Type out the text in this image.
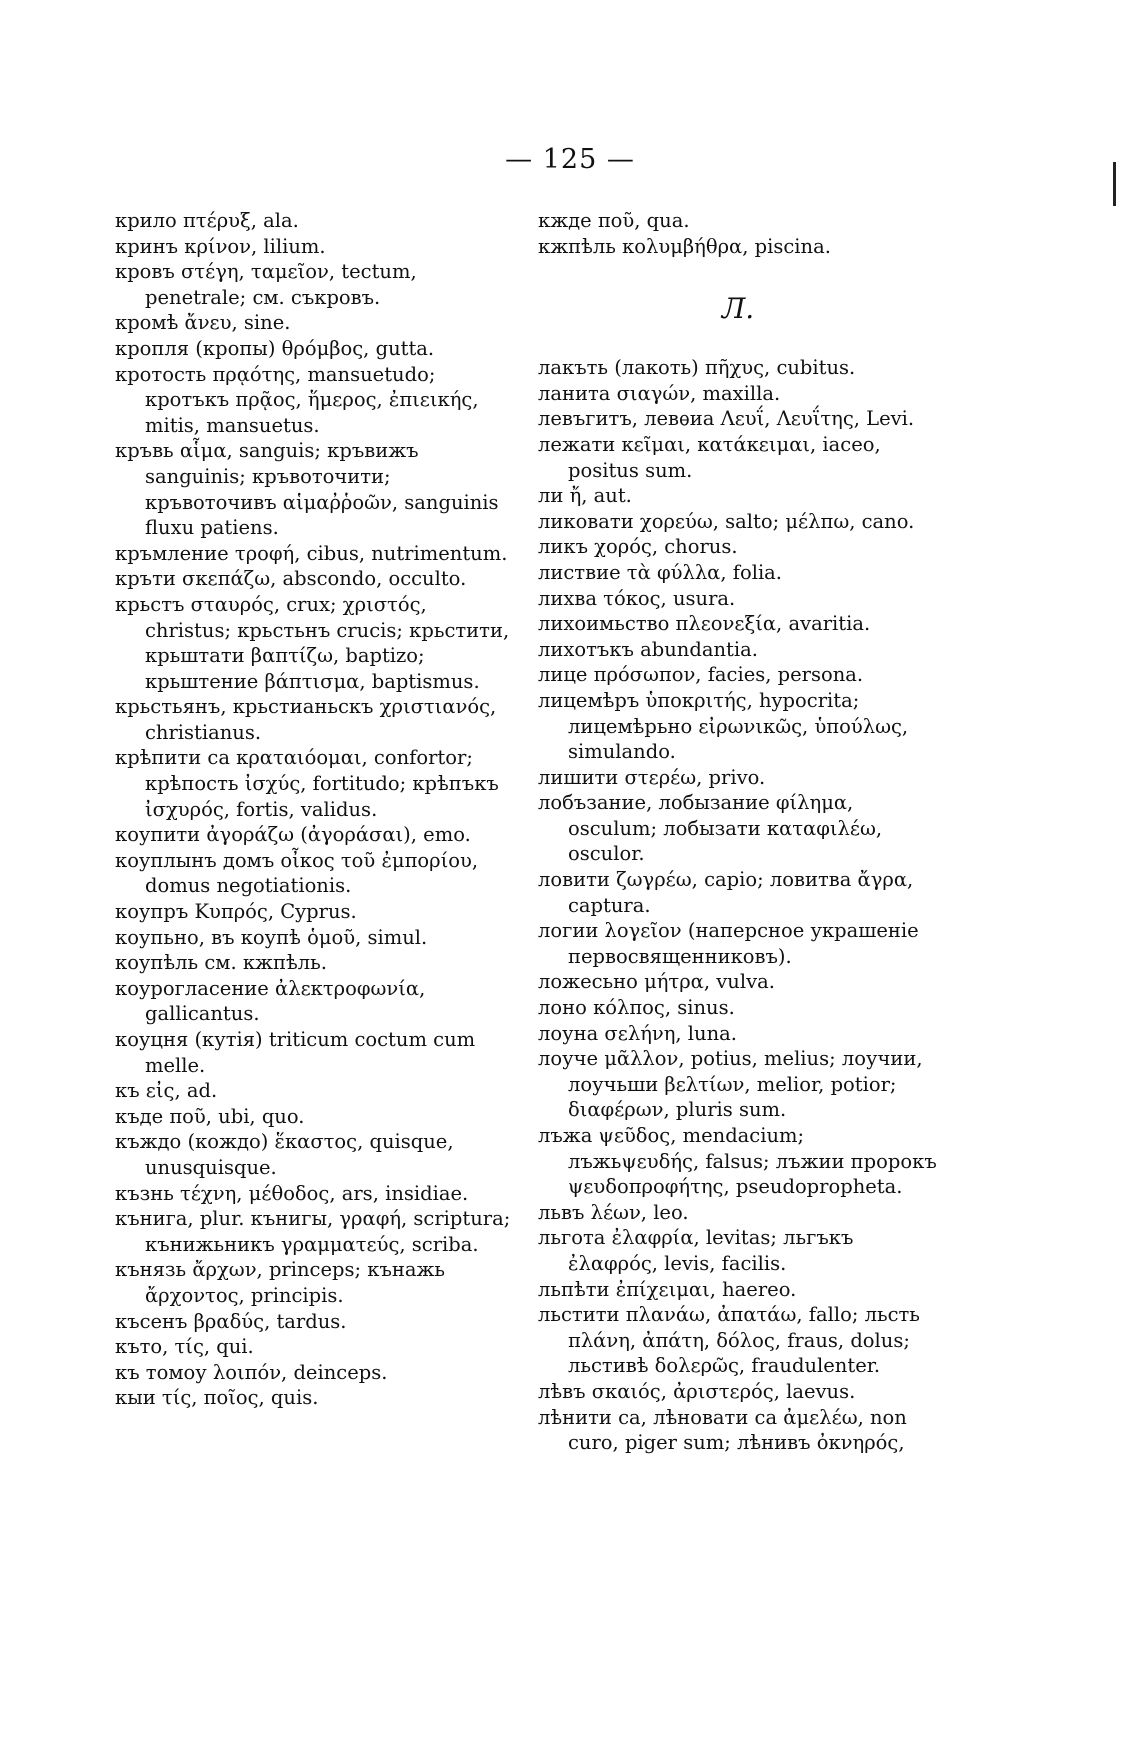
— 125 —

крило πτέρυξ, ala.

кринъ κρίνον, lilium.

кровъ στέγη, ταμεῖον, tectum, penetrale; см. съкровъ.

кромѣ ἄνευ, sine.

кропля (кропы) θρόμβος, gutta.

кротость πρᾳότης, mansuetudo; кротъкъ πρᾷος, ἥμερος, ἐπιεικής, mitis, mansuetus.

кръвь αἷμα, sanguis; кръвижъ sanguinis; кръвоточити; кръвоточивъ αἱμαῤῥοῶν, sanguinis fluxu patiens.

кръмление τροφή, cibus, nutrimentum.

кръти σκεπάζω, abscondo, occulto.

крьстъ σταυρός, crux; χριστός, christus; крьстьнъ crucis; крьстити, крьштати βαπτίζω, baptizo; крьштение βάπτισμα, baptismus.

крьстьянъ, крьстианьскъ χριστιανός, christianus.

крѣпити са κραταιόομαι, confortor; крѣпость ἰσχύς, fortitudo; крѣпъкъ ἰσχυρός, fortis, validus.

коупити ἀγοράζω (ἀγοράσαι), emo.

коуплынъ домъ οἶκος τοῦ ἐμπορίου, domus negotiationis.

коупръ Κυπρός, Cyprus.

коупьно, въ коупѣ ὁμοῦ, simul.

коупѣль см. кжпѣль.

коурогласение ἀλεκτροφωνία, gallicantus.

коуцня (кутія) triticum coctum cum melle.

къ εἰς, ad.

къде ποῦ, ubi, quo.

къждо (кождо) ἕκαστος, quisque, unusquisque.

къзнь τέχνη, μέθοδος, ars, insidiae.

кънига, plur. кънигы, γραφή, scriptura; кънижьникъ γραμματεύς, scriba.

кънязь ἄρχων, princeps; кънажь ἄρχοντος, principis.

късенъ βραδύς, tardus.

къто, τίς, qui.

къ томоу λοιπόν, deinceps.

кыи τίς, ποῖος, quis.

кжде ποῦ, qua.

кжпѣль κολυμβήθρα, piscina.

Л.

лакъть (лакоть) πῆχυς, cubitus.

ланита σιαγών, maxilla.

левъгитъ, левѳиа Λευΐ, Λευΐτης, Levi.

лежати κεῖμαι, κατάκειμαι, iaceo, positus sum.

ли ἤ, aut.

ликовати χορεύω, salto; μέλπω, cano.

ликъ χορός, chorus.

листвие τὰ φύλλα, folia.

лихва τόκος, usura.

лихоимьство πλεονεξία, avaritia.

лихотъкъ abundantia.

лице πρόσωπον, facies, persona.

лицемѣръ ὑποκριτής, hypocrita; лицемѣрьно εἰρωνικῶς, ὑπούλως, simulando.

лишити στερέω, privo.

лобъзание, лобызание φίλημα, osculum; лобызати καταφιλέω, osculor.

ловити ζωγρέω, capio; ловитва ἄγρα, captura.

логии λογεῖον (наперсное украшеніе первосвященниковъ).

ложесьно μήτρα, vulva.

лоно κόλπος, sinus.

лоуна σελήνη, luna.

лоуче μᾶλλον, potius, melius; лоучии, лоучьши βελτίων, melior, potior; διαφέρων, pluris sum.

лъжа ψεῦδος, mendacium; лъжьψευδής, falsus; лъжии пророкъ ψευδοπροφήτης, pseudopropheta.

львъ λέων, leo.

льгота ἐλαφρία, levitas; льгъкъ ἐλαφρός, levis, facilis.

льпѣти ἐπίχειμαι, haereo.

льстити πλανάω, ἀπατάω, fallo; льсть πλάνη, ἀπάτη, δόλος, fraus, dolus; льстивѣ δολερῶς, fraudulenter.

лѣвъ σκαιός, ἀριστερός, laevus.

лѣнити са, лѣновати са ἀμελέω, non curo, piger sum; лѣнивъ ὀκνηρός,
